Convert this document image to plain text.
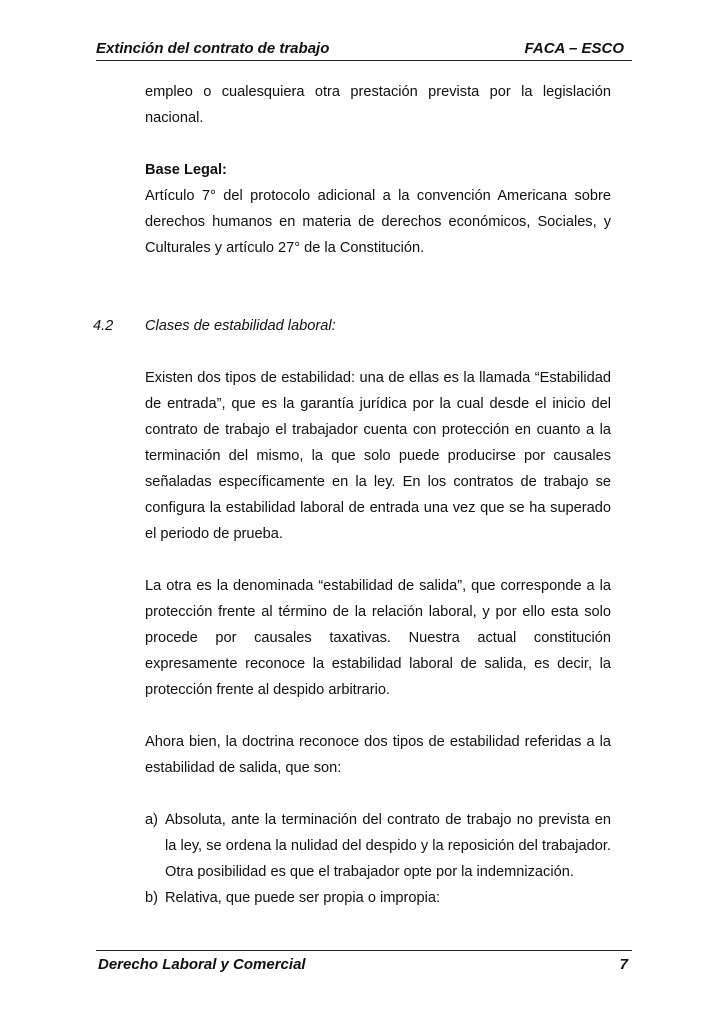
Extinción del contrato de trabajo	FACA – ESCO

empleo o cualesquiera otra prestación prevista por la legislación nacional.

Base Legal:

Artículo 7° del protocolo adicional a la convención Americana sobre derechos humanos en materia de derechos económicos, Sociales, y Culturales y artículo 27° de la Constitución.

4.2 Clases de estabilidad laboral:

Existen dos tipos de estabilidad: una de ellas es la llamada “Estabilidad de entrada”, que es la garantía jurídica por la cual desde el inicio del contrato de trabajo el trabajador cuenta con protección en cuanto a la terminación del mismo, la que solo puede producirse por causales señaladas específicamente en la ley. En los contratos de trabajo se configura la estabilidad laboral de entrada una vez que se ha superado el periodo de prueba.

La otra es la denominada “estabilidad de salida”, que corresponde a la protección frente al término de la relación laboral, y por ello esta solo procede por causales taxativas. Nuestra actual constitución expresamente reconoce la estabilidad laboral de salida, es decir, la protección frente al despido arbitrario.

Ahora bien, la doctrina reconoce dos tipos de estabilidad referidas a la estabilidad de salida, que son:

a) Absoluta, ante la terminación del contrato de trabajo no prevista en la ley, se ordena la nulidad del despido y la reposición del trabajador. Otra posibilidad es que el trabajador opte por la indemnización.
b) Relativa, que puede ser propia o impropia:
Derecho Laboral y Comercial	7
